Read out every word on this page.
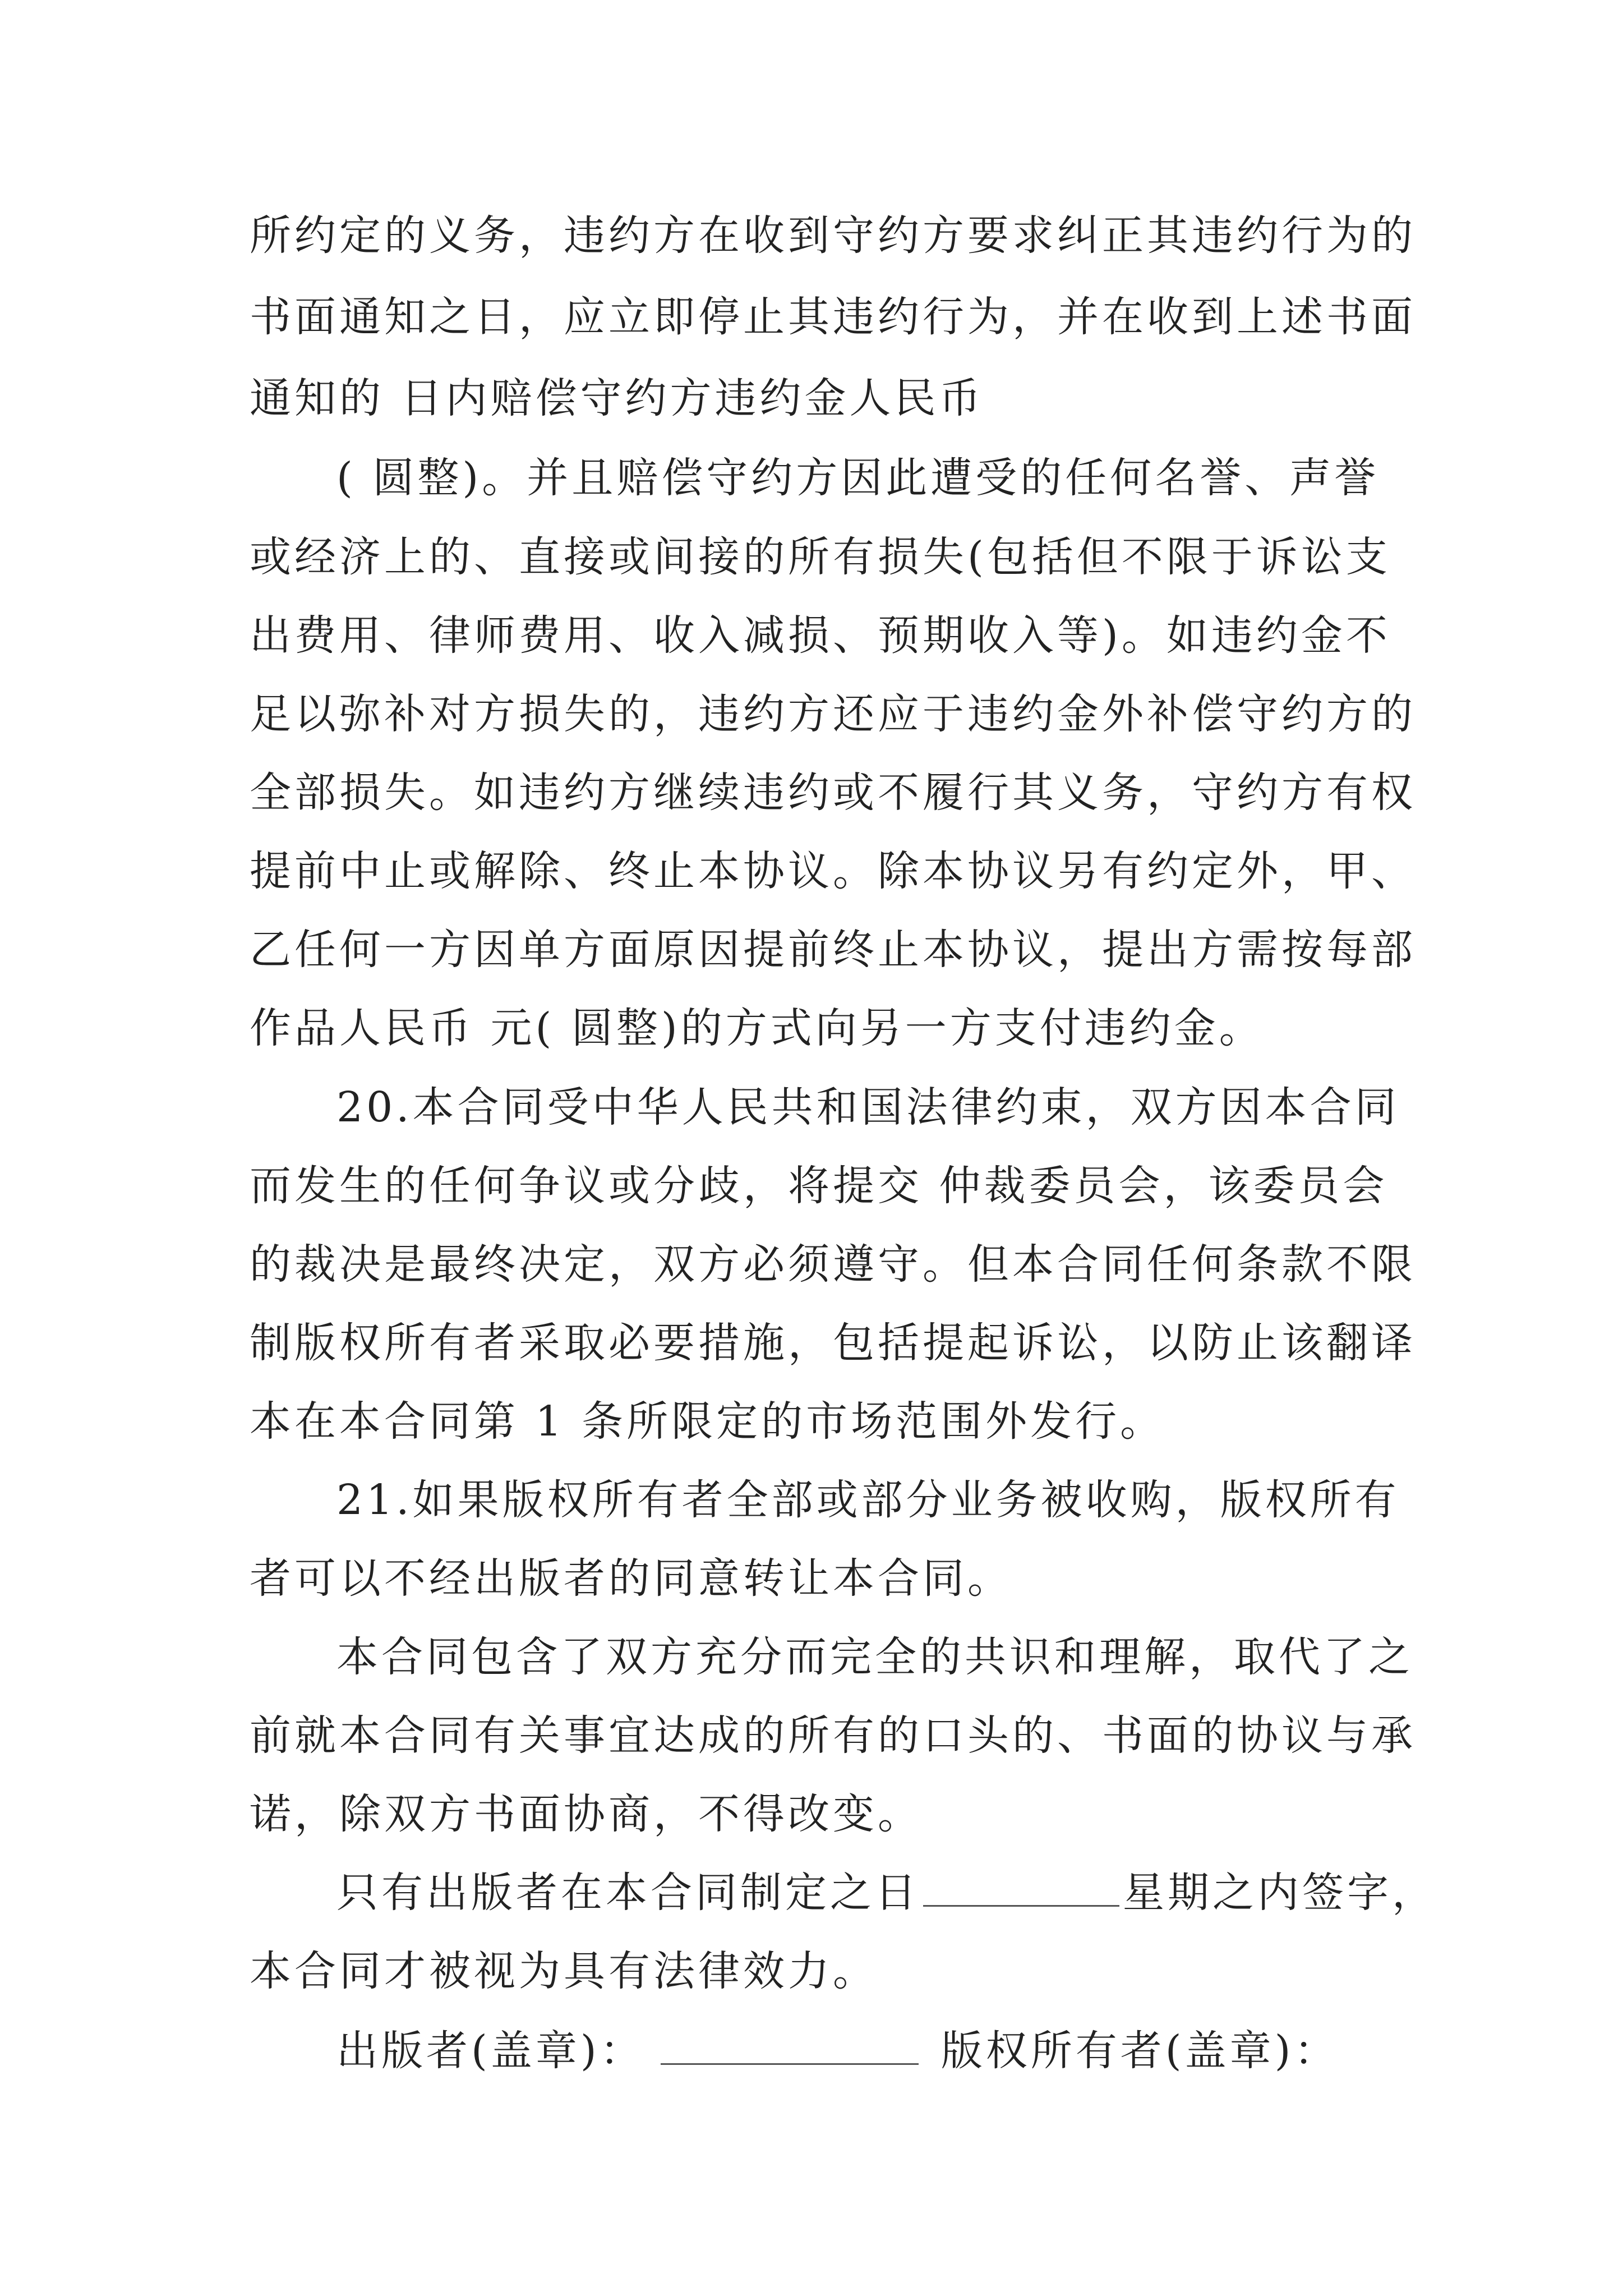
所约定的义务，违约方在收到守约方要求纠正其违约行为的
书面通知之日，应立即停止其违约行为，并在收到上述书面
通知的 日内赔偿守约方违约金人民币
( 圆整)。并且赔偿守约方因此遭受的任何名誉、声誉
或经济上的、直接或间接的所有损失(包括但不限于诉讼支
出费用、律师费用、收入减损、预期收入等)。如违约金不
足以弥补对方损失的，违约方还应于违约金外补偿守约方的
全部损失。如违约方继续违约或不履行其义务，守约方有权
提前中止或解除、终止本协议。除本协议另有约定外，甲、
乙任何一方因单方面原因提前终止本协议，提出方需按每部
作品人民币 元( 圆整)的方式向另一方支付违约金。
20.本合同受中华人民共和国法律约束，双方因本合同
而发生的任何争议或分歧，将提交 仲裁委员会，该委员会
的裁决是最终决定，双方必须遵守。但本合同任何条款不限
制版权所有者采取必要措施，包括提起诉讼，以防止该翻译
本在本合同第 1 条所限定的市场范围外发行。
21.如果版权所有者全部或部分业务被收购，版权所有
者可以不经出版者的同意转让本合同。
本合同包含了双方充分而完全的共识和理解，取代了之
前就本合同有关事宜达成的所有的口头的、书面的协议与承
诺，除双方书面协商，不得改变。
只有出版者在本合同制定之日	星期之内签字，
本合同才被视为具有法律效力。
出版者(盖章)：	版权所有者(盖章)：
